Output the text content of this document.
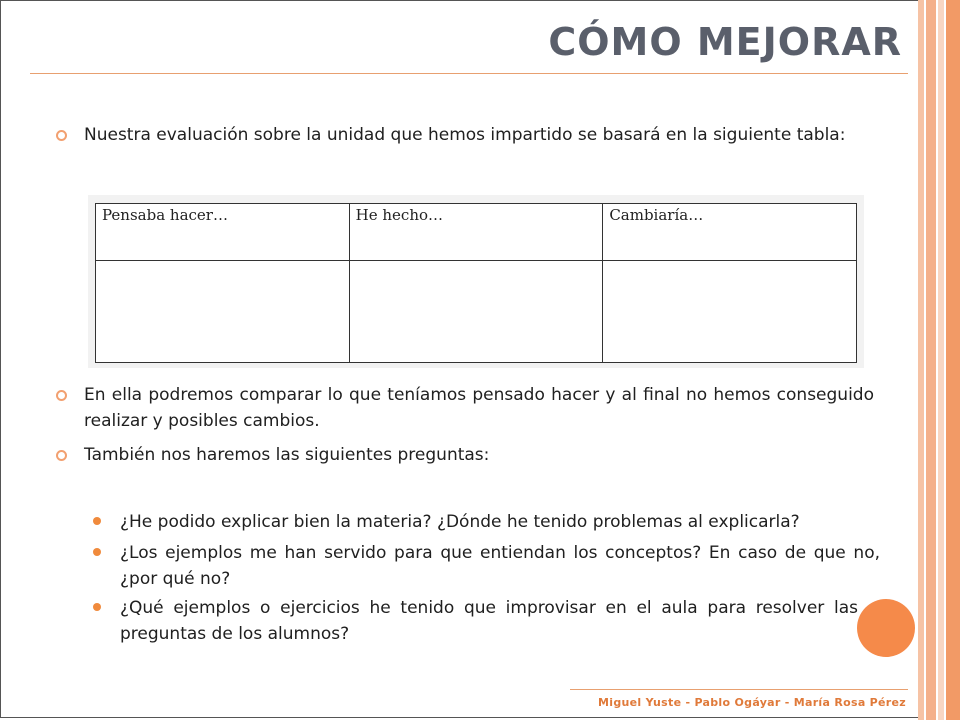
CÓMO MEJORAR
Nuestra evaluación sobre la unidad que hemos impartido se basará en la siguiente tabla:
Pensaba hacer…	He hecho…	Cambiaría…

En ella podremos comparar lo que teníamos pensado hacer y al final no hemos conseguido realizar y posibles cambios.
También nos haremos las siguientes preguntas:
¿He podido explicar bien la materia? ¿Dónde he tenido problemas al explicarla?
¿Los ejemplos me han servido para que entiendan los conceptos? En caso de que no, ¿por qué no?
¿Qué ejemplos o ejercicios he tenido que improvisar en el aula para resolver las preguntas de los alumnos?
Miguel Yuste - Pablo Ogáyar - María Rosa Pérez
